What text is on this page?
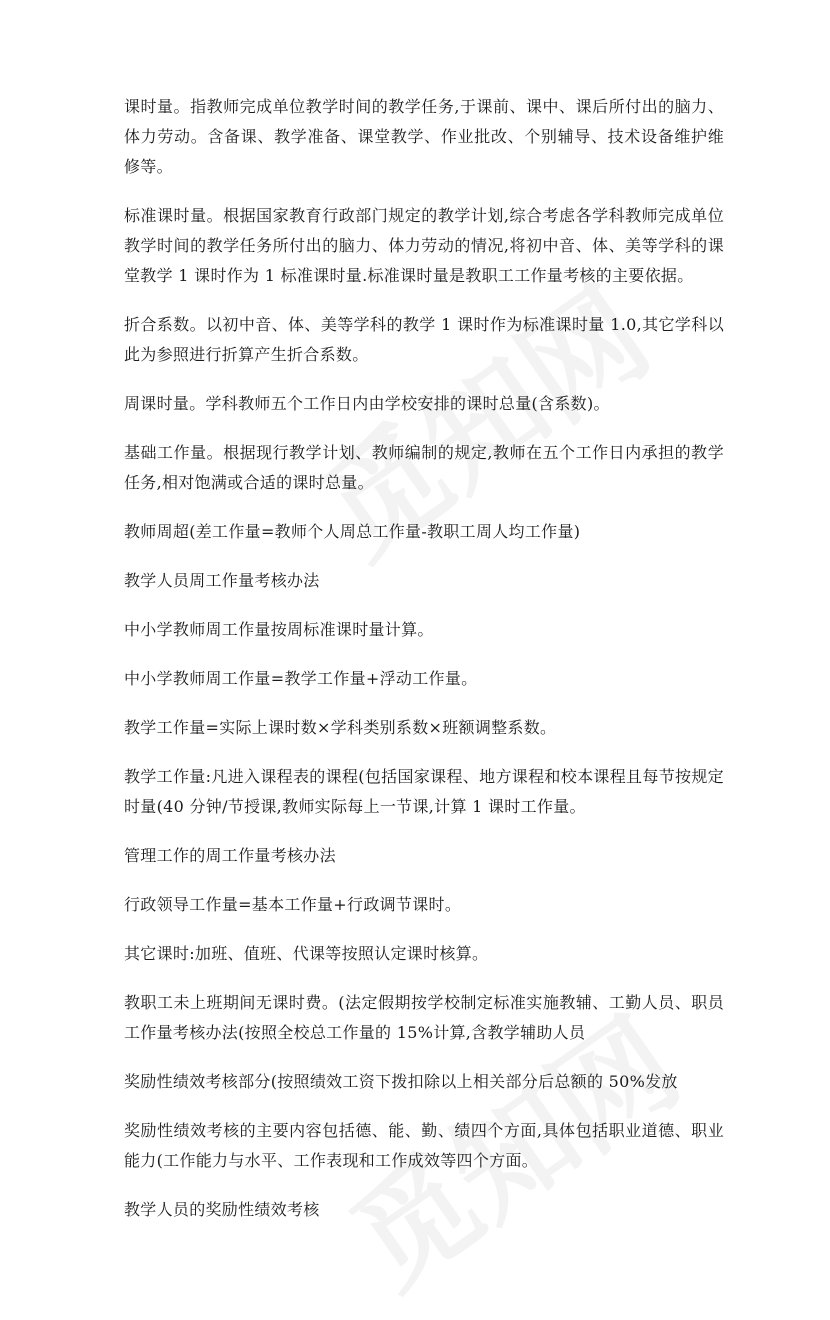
课时量。指教师完成单位教学时间的教学任务,于课前、课中、课后所付出的脑力、体力劳动。含备课、教学准备、课堂教学、作业批改、个别辅导、技术设备维护维修等。

标准课时量。根据国家教育行政部门规定的教学计划,综合考虑各学科教师完成单位教学时间的教学任务所付出的脑力、体力劳动的情况,将初中音、体、美等学科的课堂教学 1 课时作为 1 标准课时量.标准课时量是教职工工作量考核的主要依据。

折合系数。以初中音、体、美等学科的教学 1 课时作为标准课时量 1.0,其它学科以此为参照进行折算产生折合系数。

周课时量。学科教师五个工作日内由学校安排的课时总量(含系数)。

基础工作量。根据现行教学计划、教师编制的规定,教师在五个工作日内承担的教学任务,相对饱满或合适的课时总量。

教师周超(差工作量=教师个人周总工作量-教职工周人均工作量)

教学人员周工作量考核办法

中小学教师周工作量按周标准课时量计算。

中小学教师周工作量=教学工作量+浮动工作量。

教学工作量=实际上课时数×学科类别系数×班额调整系数。

教学工作量:凡进入课程表的课程(包括国家课程、地方课程和校本课程且每节按规定时量(40 分钟/节授课,教师实际每上一节课,计算 1 课时工作量。

管理工作的周工作量考核办法

行政领导工作量=基本工作量+行政调节课时。

其它课时:加班、值班、代课等按照认定课时核算。

教职工未上班期间无课时费。(法定假期按学校制定标准实施教辅、工勤人员、职员工作量考核办法(按照全校总工作量的 15%计算,含教学辅助人员

奖励性绩效考核部分(按照绩效工资下拨扣除以上相关部分后总额的 50%发放

奖励性绩效考核的主要内容包括德、能、勤、绩四个方面,具体包括职业道德、职业能力(工作能力与水平、工作表现和工作成效等四个方面。

教学人员的奖励性绩效考核
